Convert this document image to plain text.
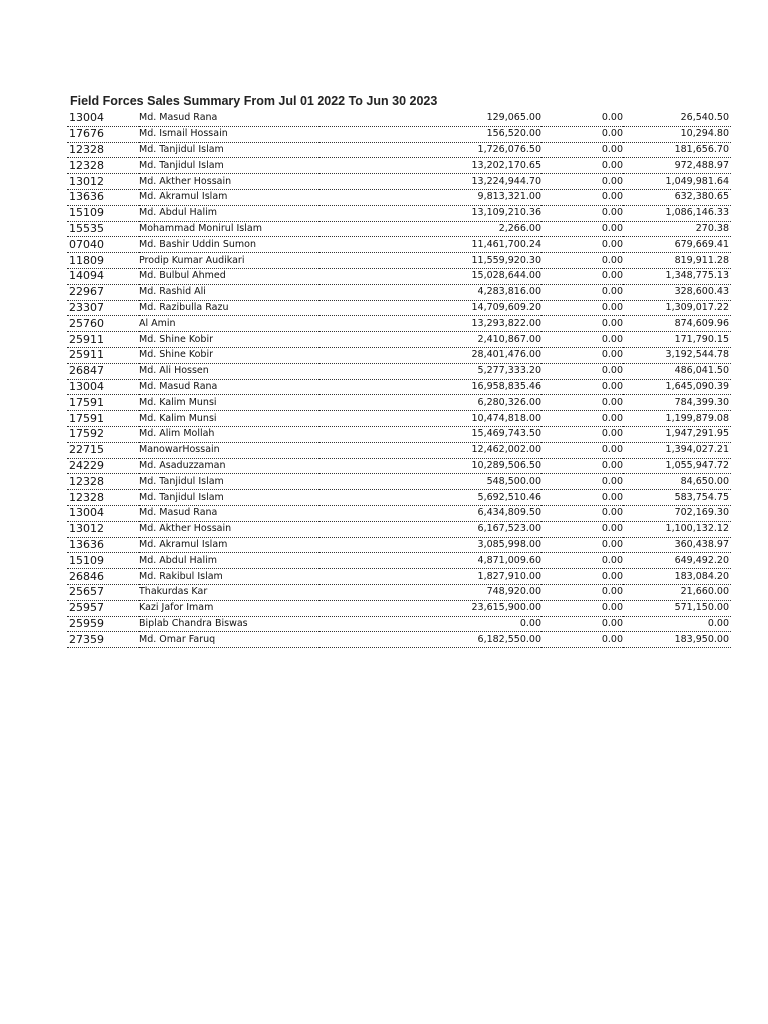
Field Forces Sales Summary From Jul 01 2022 To Jun 30 2023
13004	Md. Masud Rana	129,065.00	0.00	26,540.50
17676	Md. Ismail Hossain	156,520.00	0.00	10,294.80
12328	Md. Tanjidul Islam	1,726,076.50	0.00	181,656.70
12328	Md. Tanjidul Islam	13,202,170.65	0.00	972,488.97
13012	Md. Akther Hossain	13,224,944.70	0.00	1,049,981.64
13636	Md. Akramul Islam	9,813,321.00	0.00	632,380.65
15109	Md. Abdul Halim	13,109,210.36	0.00	1,086,146.33
15535	Mohammad Monirul Islam	2,266.00	0.00	270.38
07040	Md. Bashir Uddin Sumon	11,461,700.24	0.00	679,669.41
11809	Prodip Kumar Audikari	11,559,920.30	0.00	819,911.28
14094	Md. Bulbul Ahmed	15,028,644.00	0.00	1,348,775.13
22967	Md. Rashid Ali	4,283,816.00	0.00	328,600.43
23307	Md. Razibulla Razu	14,709,609.20	0.00	1,309,017.22
25760	Al Amin	13,293,822.00	0.00	874,609.96
25911	Md. Shine Kobir	2,410,867.00	0.00	171,790.15
25911	Md. Shine Kobir	28,401,476.00	0.00	3,192,544.78
26847	Md. Ali Hossen	5,277,333.20	0.00	486,041.50
13004	Md. Masud Rana	16,958,835.46	0.00	1,645,090.39
17591	Md. Kalim Munsi	6,280,326.00	0.00	784,399.30
17591	Md. Kalim Munsi	10,474,818.00	0.00	1,199,879.08
17592	Md. Alim Mollah	15,469,743.50	0.00	1,947,291.95
22715	ManowarHossain	12,462,002.00	0.00	1,394,027.21
24229	Md. Asaduzzaman	10,289,506.50	0.00	1,055,947.72
12328	Md. Tanjidul Islam	548,500.00	0.00	84,650.00
12328	Md. Tanjidul Islam	5,692,510.46	0.00	583,754.75
13004	Md. Masud Rana	6,434,809.50	0.00	702,169.30
13012	Md. Akther Hossain	6,167,523.00	0.00	1,100,132.12
13636	Md. Akramul Islam	3,085,998.00	0.00	360,438.97
15109	Md. Abdul Halim	4,871,009.60	0.00	649,492.20
26846	Md. Rakibul Islam	1,827,910.00	0.00	183,084.20
25657	Thakurdas Kar	748,920.00	0.00	21,660.00
25957	Kazi Jafor Imam	23,615,900.00	0.00	571,150.00
25959	Biplab Chandra Biswas	0.00	0.00	0.00
27359	Md. Omar Faruq	6,182,550.00	0.00	183,950.00
